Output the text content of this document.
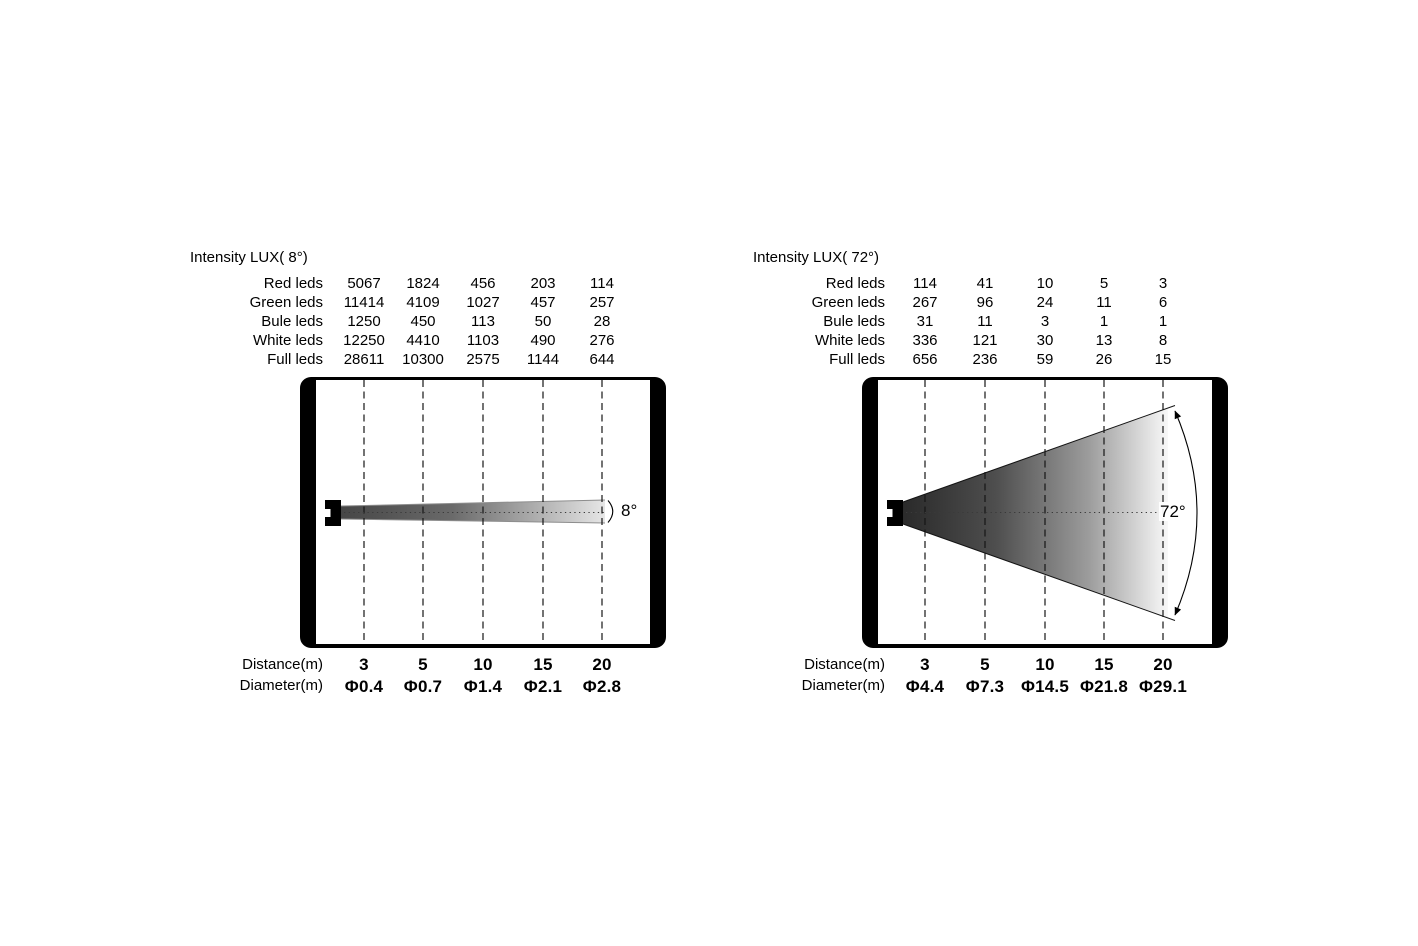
Intensity LUX( 8°)
Red leds	5067	1824	456	203	114
Green leds	11414	4109	1027	457	257
Bule leds	1250	450	113	50	28
White leds	12250	4410	1103	490	276
Full leds	28611	10300	2575	1144	644
Distance(m)
Diameter(m)
3	5	10	15	20
Φ0.4	Φ0.7	Φ1.4	Φ2.1	Φ2.8
8°
Intensity LUX( 72°)
Red leds	114	41	10	5	3
Green leds	267	96	24	11	6
Bule leds	31	11	3	1	1
White leds	336	121	30	13	8
Full leds	656	236	59	26	15
Distance(m)
Diameter(m)
3	5	10	15	20
Φ4.4	Φ7.3 Φ14.5 Φ21.8 Φ29.1
72°
